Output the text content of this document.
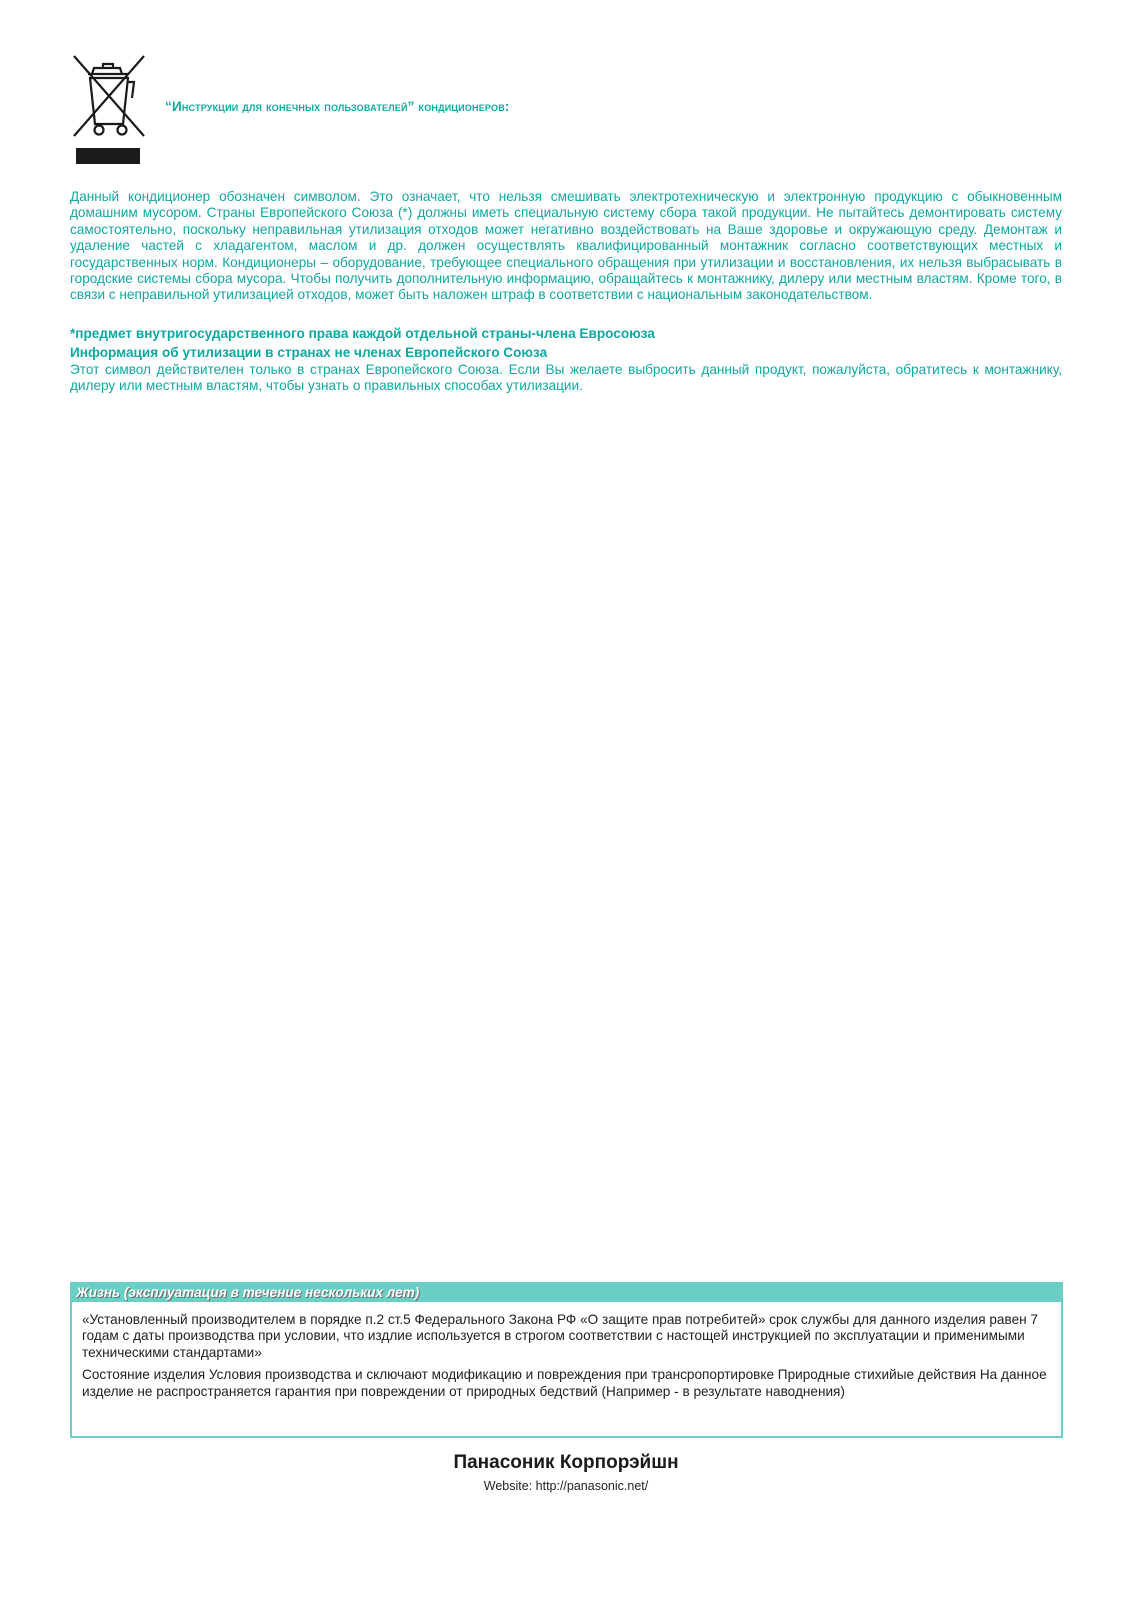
“Инструкции для конечных пользователей” кондиционеров:

Данный кондиционер обозначен символом. Это означает, что нельзя смешивать электротехническую и электронную продукцию с обыкновенным домашним мусором. Страны Европейского Союза (*) должны иметь специальную систему сбора такой продукции. Не пытайтесь демонтировать систему самостоятельно, поскольку неправильная утилизация отходов может негативно воздействовать на Ваше здоровье и окружающую среду. Демонтаж и удаление частей с хладагентом, маслом и др. должен осуществлять квалифицированный монтажник согласно соответствующих местных и государственных норм. Кондиционеры – оборудование, требующее специального обращения при утилизации и восстановления, их нельзя выбрасывать в городские системы сбора мусора. Чтобы получить дополнительную информацию, обращайтесь к монтажнику, дилеру или местным властям. Кроме того, в связи с неправильной утилизацией отходов, может быть наложен штраф в соответствии с национальным законодательством.

*предмет внутригосударственного права каждой отдельной страны-члена Евросоюза
Информация об утилизации в странах не членах Европейского Союза

Этот символ действителен только в странах Европейского Союза. Если Вы желаете выбросить данный продукт, пожалуйста, обратитесь к монтажнику, дилеру или местным властям, чтобы узнать о правильных способах утилизации.

Жизнь (эксплуатация в течение нескольких лет)

«Установленный производителем в порядке п.2 ст.5 Федерального Закона РФ «О защите прав потребитей» срок службы для данного изделия равен 7 годам с даты производства при условии, что издлие используется в строгом соответствии с настощей инструкцией по эксплуатации и применимыми техническими стандартами»

Состояние изделия Условия производства и сключают модификацию и повреждения при трансропортировке Природные стихийые действия На данное изделие не распространяется гарантия при повреждении от природных бедствий (Например - в результате наводнения)

Панасоник Корпорэйшн
Website: http://panasonic.net/
